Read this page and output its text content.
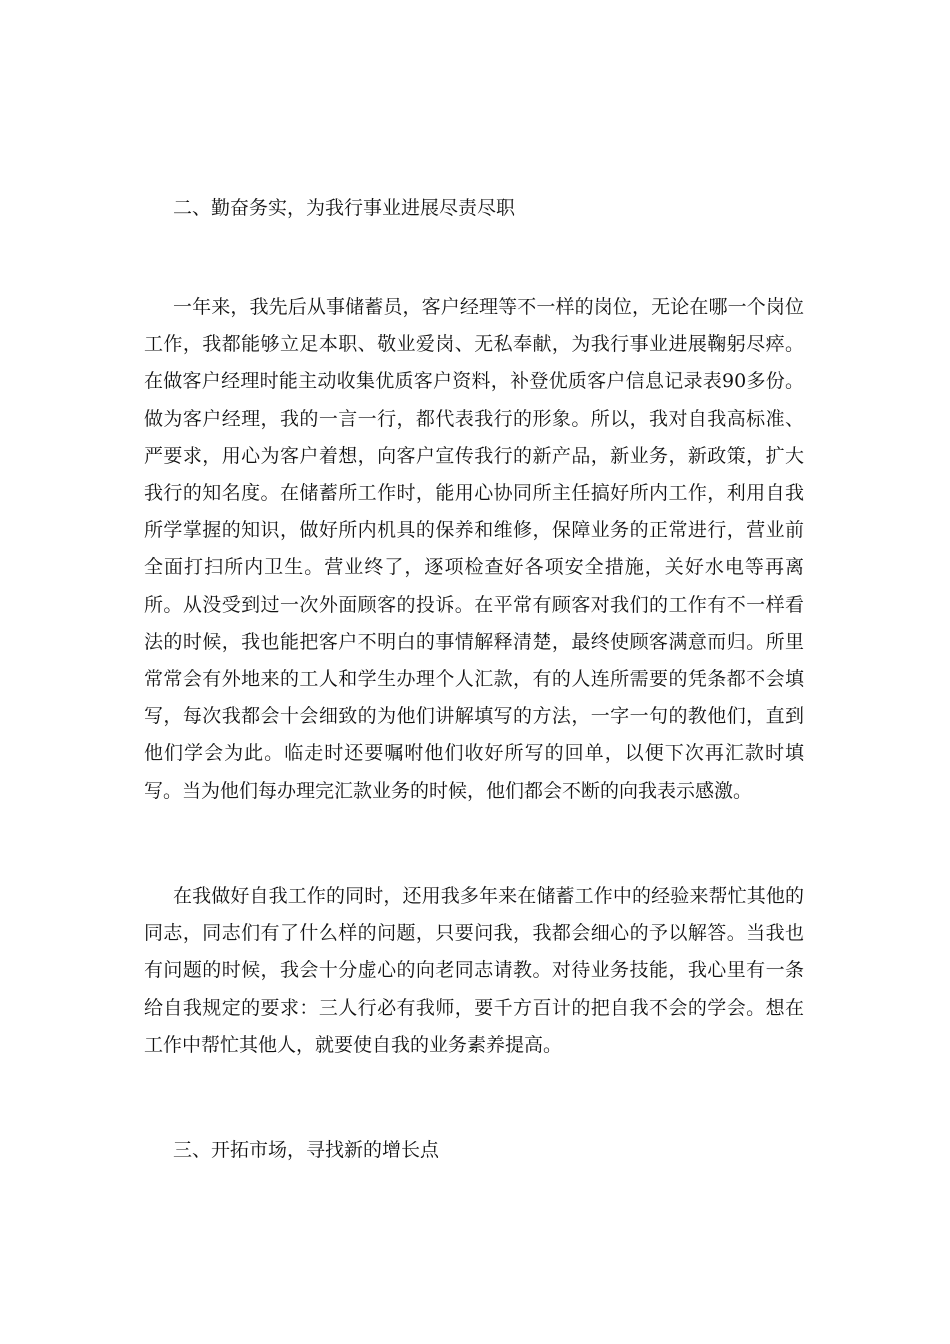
二、勤奋务实，为我行事业进展尽责尽职

一年来，我先后从事储蓄员，客户经理等不一样的岗位，无论在哪一个岗位工作，我都能够立足本职、敬业爱岗、无私奉献，为我行事业进展鞠躬尽瘁。在做客户经理时能主动收集优质客户资料，补登优质客户信息记录表90多份。做为客户经理，我的一言一行，都代表我行的形象。所以，我对自我高标准、严要求，用心为客户着想，向客户宣传我行的新产品，新业务，新政策，扩大我行的知名度。在储蓄所工作时，能用心协同所主任搞好所内工作，利用自我所学掌握的知识，做好所内机具的保养和维修，保障业务的正常进行，营业前全面打扫所内卫生。营业终了，逐项检查好各项安全措施，关好水电等再离所。从没受到过一次外面顾客的投诉。在平常有顾客对我们的工作有不一样看法的时候，我也能把客户不明白的事情解释清楚，最终使顾客满意而归。所里常常会有外地来的工人和学生办理个人汇款，有的人连所需要的凭条都不会填写，每次我都会十会细致的为他们讲解填写的方法，一字一句的教他们，直到他们学会为此。临走时还要嘱咐他们收好所写的回单，以便下次再汇款时填写。当为他们每办理完汇款业务的时候，他们都会不断的向我表示感激。

在我做好自我工作的同时，还用我多年来在储蓄工作中的经验来帮忙其他的同志，同志们有了什么样的问题，只要问我，我都会细心的予以解答。当我也有问题的时候，我会十分虚心的向老同志请教。对待业务技能，我心里有一条给自我规定的要求：三人行必有我师，要千方百计的把自我不会的学会。想在工作中帮忙其他人，就要使自我的业务素养提高。

三、开拓市场，寻找新的增长点
